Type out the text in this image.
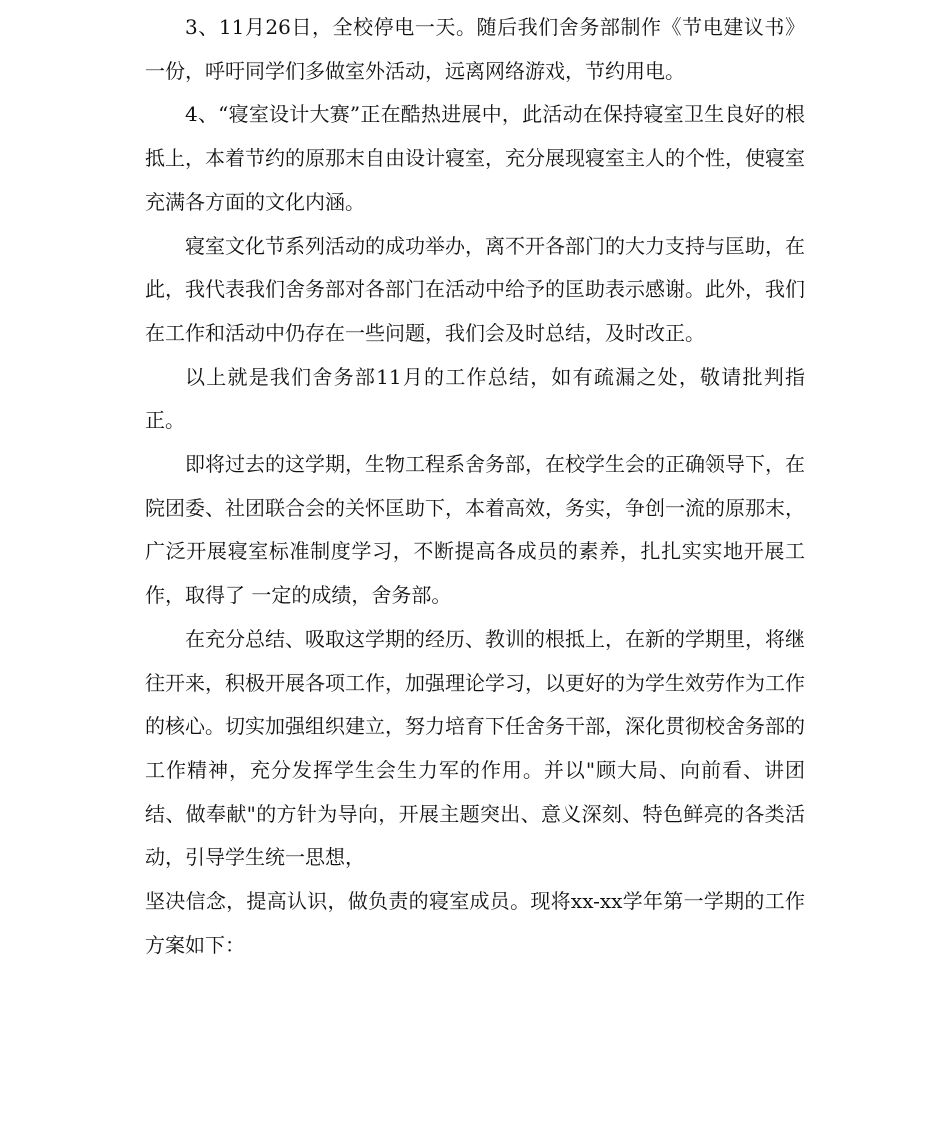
3、11月26日，全校停电一天。随后我们舍务部制作《节电建议书》一份，呼吁同学们多做室外活动，远离网络游戏，节约用电。

4、“寝室设计大赛”正在酷热进展中，此活动在保持寝室卫生良好的根抵上，本着节约的原那末自由设计寝室，充分展现寝室主人的个性，使寝室充满各方面的文化内涵。

寝室文化节系列活动的成功举办，离不开各部门的大力支持与匡助，在此，我代表我们舍务部对各部门在活动中给予的匡助表示感谢。此外，我们在工作和活动中仍存在一些问题，我们会及时总结，及时改正。

以上就是我们舍务部11月的工作总结，如有疏漏之处，敬请批判指正。

即将过去的这学期，生物工程系舍务部，在校学生会的正确领导下，在院团委、社团联合会的关怀匡助下，本着高效，务实，争创一流的原那末，广泛开展寝室标准制度学习，不断提高各成员的素养，扎扎实实地开展工作，取得了 一定的成绩，舍务部。

在充分总结、吸取这学期的经历、教训的根抵上，在新的学期里，将继往开来，积极开展各项工作，加强理论学习，以更好的为学生效劳作为工作的核心。切实加强组织建立，努力培育下任舍务干部，深化贯彻校舍务部的工作精神，充分发挥学生会生力军的作用。并以"顾大局、向前看、讲团结、做奉献"的方针为导向，开展主题突出、意义深刻、特色鲜亮的各类活动，引导学生统一思想，

坚决信念，提高认识，做负责的寝室成员。现将xx-xx学年第一学期的工作方案如下：
